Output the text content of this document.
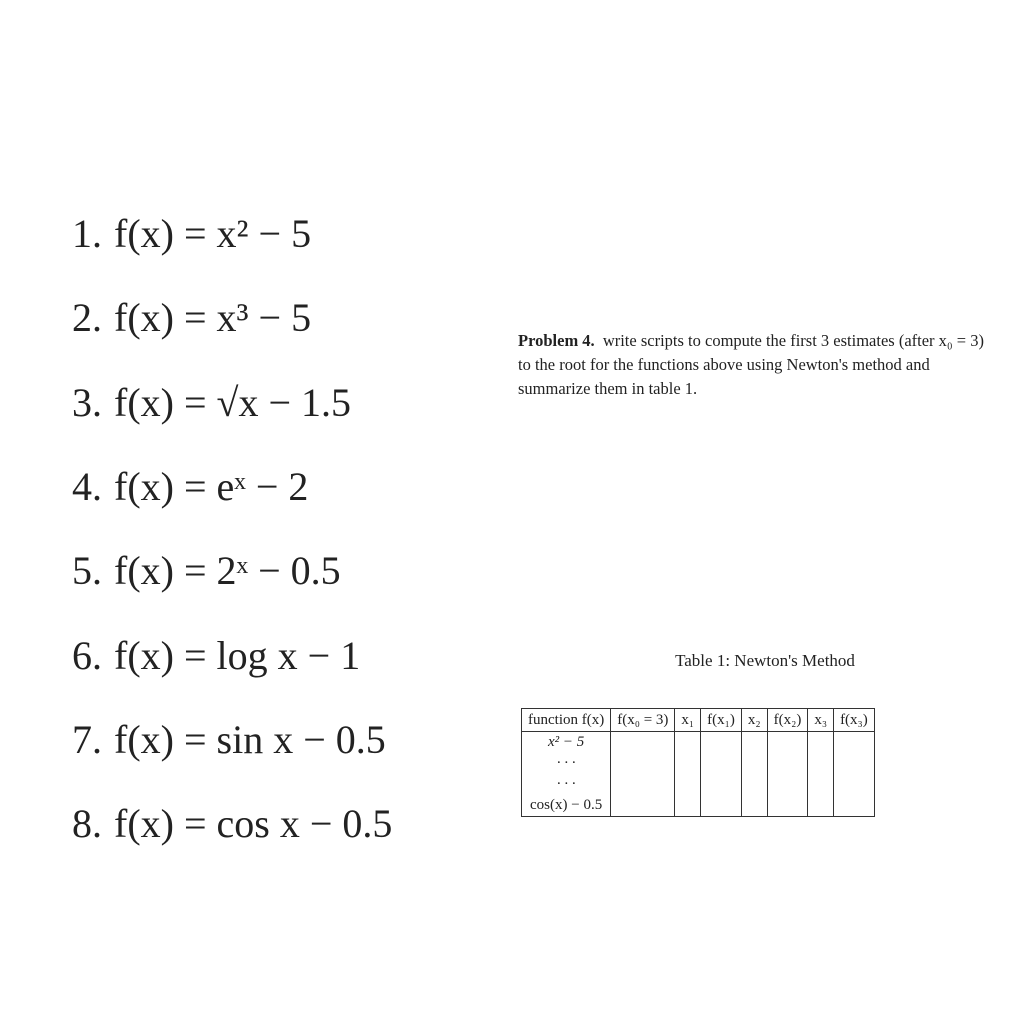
1. f(x) = x² − 5
2. f(x) = x³ − 5
3. f(x) = √x − 1.5
4. f(x) = eˣ − 2
5. f(x) = 2ˣ − 0.5
6. f(x) = log x − 1
7. f(x) = sin x − 0.5
8. f(x) = cos x − 0.5

Problem 4. write scripts to compute the first 3 estimates (after x₀ = 3) to the root for the functions above using Newton's method and summarize them in table 1.

Table 1: Newton's Method
function f(x)	f(x₀ = 3)	x₁	f(x₁)	x₂	f(x₂)	x₃	f(x₃)
x² − 5							
· · ·							
· · ·							
cos(x) − 0.5							
